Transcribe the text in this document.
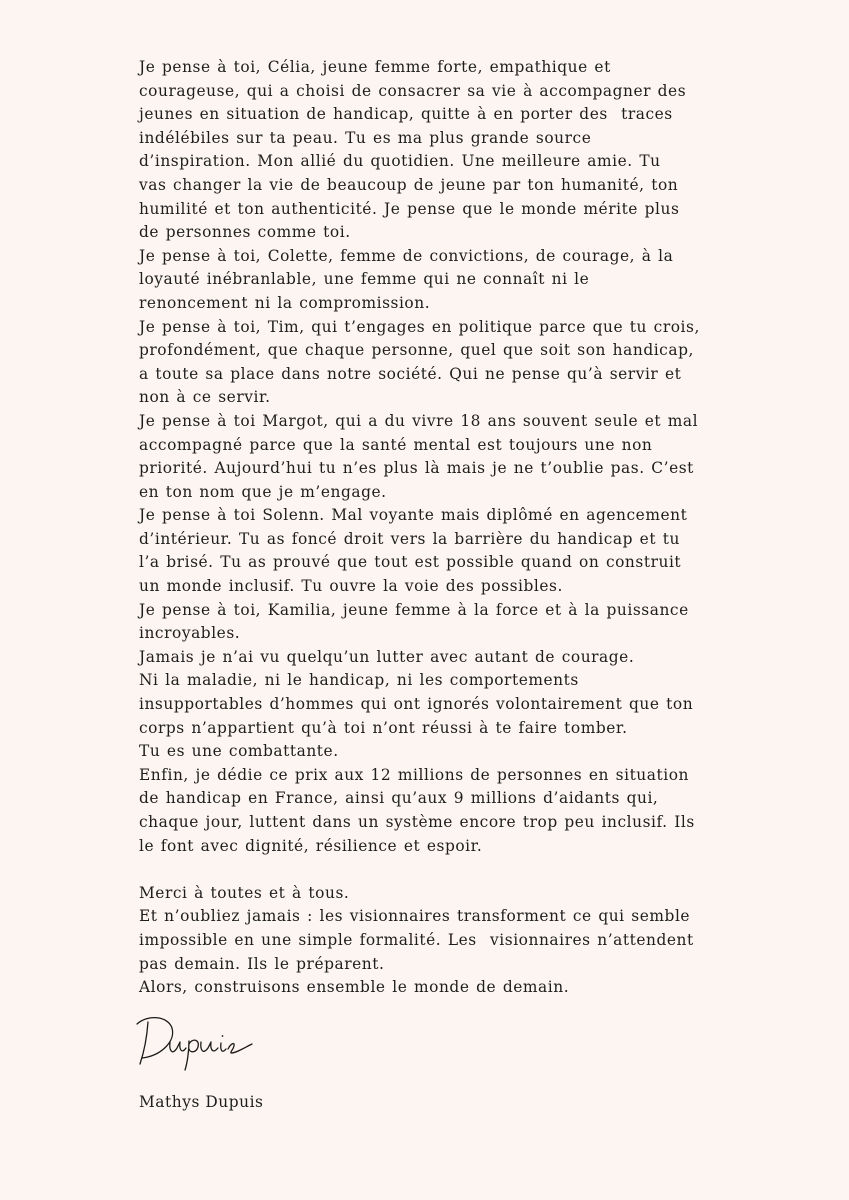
Je pense à toi, Célia, jeune femme forte, empathique et
courageuse, qui a choisi de consacrer sa vie à accompagner des
jeunes en situation de handicap, quitte à en porter des  traces
indélébiles sur ta peau. Tu es ma plus grande source
d’inspiration. Mon allié du quotidien. Une meilleure amie. Tu
vas changer la vie de beaucoup de jeune par ton humanité, ton
humilité et ton authenticité. Je pense que le monde mérite plus
de personnes comme toi.
Je pense à toi, Colette, femme de convictions, de courage, à la
loyauté inébranlable, une femme qui ne connaît ni le
renoncement ni la compromission.
Je pense à toi, Tim, qui t’engages en politique parce que tu crois,
profondément, que chaque personne, quel que soit son handicap,
a toute sa place dans notre société. Qui ne pense qu’à servir et
non à ce servir.
Je pense à toi Margot, qui a du vivre 18 ans souvent seule et mal
accompagné parce que la santé mental est toujours une non
priorité. Aujourd’hui tu n’es plus là mais je ne t’oublie pas. C’est
en ton nom que je m’engage.
Je pense à toi Solenn. Mal voyante mais diplômé en agencement
d’intérieur. Tu as foncé droit vers la barrière du handicap et tu
l’a brisé. Tu as prouvé que tout est possible quand on construit
un monde inclusif. Tu ouvre la voie des possibles.
Je pense à toi, Kamilia, jeune femme à la force et à la puissance
incroyables.
Jamais je n’ai vu quelqu’un lutter avec autant de courage.
Ni la maladie, ni le handicap, ni les comportements
insupportables d’hommes qui ont ignorés volontairement que ton
corps n’appartient qu’à toi n’ont réussi à te faire tomber.
Tu es une combattante.
Enfin, je dédie ce prix aux 12 millions de personnes en situation
de handicap en France, ainsi qu’aux 9 millions d’aidants qui,
chaque jour, luttent dans un système encore trop peu inclusif. Ils
le font avec dignité, résilience et espoir.
Merci à toutes et à tous.
Et n’oubliez jamais : les visionnaires transforment ce qui semble
impossible en une simple formalité. Les  visionnaires n’attendent
pas demain. Ils le préparent.
Alors, construisons ensemble le monde de demain.
Mathys Dupuis
